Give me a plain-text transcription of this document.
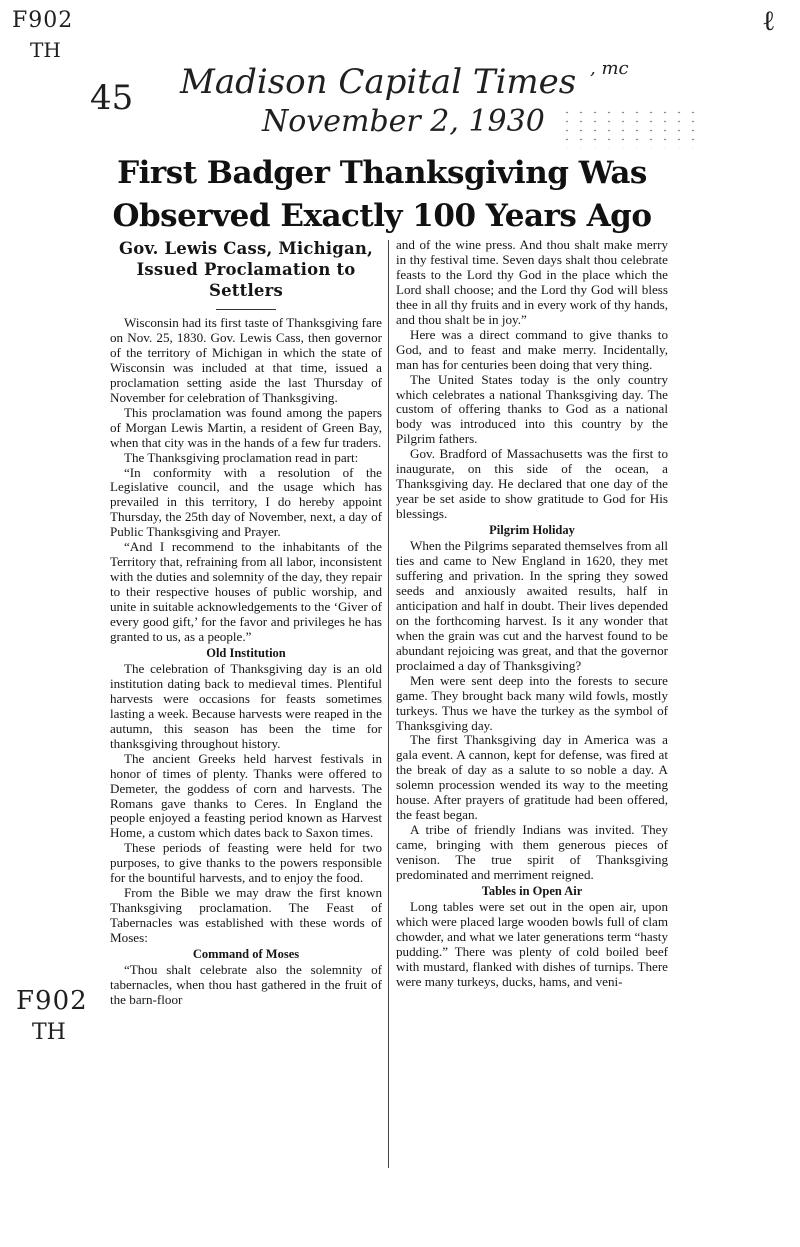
F902
TH
ℓ
45 Madison Capital Times , mc
November 2, 1930
F902
TH
First Badger Thanksgiving Was
Observed Exactly 100 Years Ago
Gov. Lewis Cass, Michigan, Issued Proclamation to Settlers

Wisconsin had its first taste of Thanksgiving fare on Nov. 25, 1830. Gov. Lewis Cass, then governor of the territory of Michigan in which the state of Wisconsin was included at that time, issued a proclamation setting aside the last Thursday of November for celebration of Thanksgiving.

This proclamation was found among the papers of Morgan Lewis Martin, a resident of Green Bay, when that city was in the hands of a few fur traders.

The Thanksgiving proclamation read in part:

“In conformity with a resolution of the Legislative council, and the usage which has prevailed in this territory, I do hereby appoint Thursday, the 25th day of November, next, a day of Public Thanksgiving and Prayer.

“And I recommend to the inhabitants of the Territory that, refraining from all labor, inconsistent with the duties and solemnity of the day, they repair to their respective houses of public worship, and unite in suitable acknowledgements to the ‘Giver of every good gift,’ for the favor and privileges he has granted to us, as a people.”

Old Institution

The celebration of Thanksgiving day is an old institution dating back to medieval times. Plentiful harvests were occasions for feasts sometimes lasting a week. Because harvests were reaped in the autumn, this season has been the time for thanksgiving throughout history.

The ancient Greeks held harvest festivals in honor of times of plenty. Thanks were offered to Demeter, the goddess of corn and harvests. The Romans gave thanks to Ceres. In England the people enjoyed a feasting period known as Harvest Home, a custom which dates back to Saxon times.

These periods of feasting were held for two purposes, to give thanks to the powers responsible for the bountiful harvests, and to enjoy the food.

From the Bible we may draw the first known Thanksgiving proclamation. The Feast of Tabernacles was established with these words of Moses:

Command of Moses

“Thou shalt celebrate also the solemnity of tabernacles, when thou hast gathered in the fruit of the barn-floor

and of the wine press. And thou shalt make merry in thy festival time. Seven days shalt thou celebrate feasts to the Lord thy God in the place which the Lord shall choose; and the Lord thy God will bless thee in all thy fruits and in every work of thy hands, and thou shalt be in joy.”

Here was a direct command to give thanks to God, and to feast and make merry. Incidentally, man has for centuries been doing that very thing.

The United States today is the only country which celebrates a national Thanksgiving day. The custom of offering thanks to God as a national body was introduced into this country by the Pilgrim fathers.

Gov. Bradford of Massachusetts was the first to inaugurate, on this side of the ocean, a Thanksgiving day. He declared that one day of the year be set aside to show gratitude to God for His blessings.

Pilgrim Holiday

When the Pilgrims separated themselves from all ties and came to New England in 1620, they met suffering and privation. In the spring they sowed seeds and anxiously awaited results, half in anticipation and half in doubt. Their lives depended on the forthcoming harvest. Is it any wonder that when the grain was cut and the harvest found to be abundant rejoicing was great, and that the governor proclaimed a day of Thanksgiving?

Men were sent deep into the forests to secure game. They brought back many wild fowls, mostly turkeys. Thus we have the turkey as the symbol of Thanksgiving day.

The first Thanksgiving day in America was a gala event. A cannon, kept for defense, was fired at the break of day as a salute to so noble a day. A solemn procession wended its way to the meeting house. After prayers of gratitude had been offered, the feast began.

A tribe of friendly Indians was invited. They came, bringing with them generous pieces of venison. The true spirit of Thanksgiving predominated and merriment reigned.

Tables in Open Air

Long tables were set out in the open air, upon which were placed large wooden bowls full of clam chowder, and what we later generations term “hasty pudding.” There was plenty of cold boiled beef with mustard, flanked with dishes of turnips. There were many turkeys, ducks, hams, and veni-
